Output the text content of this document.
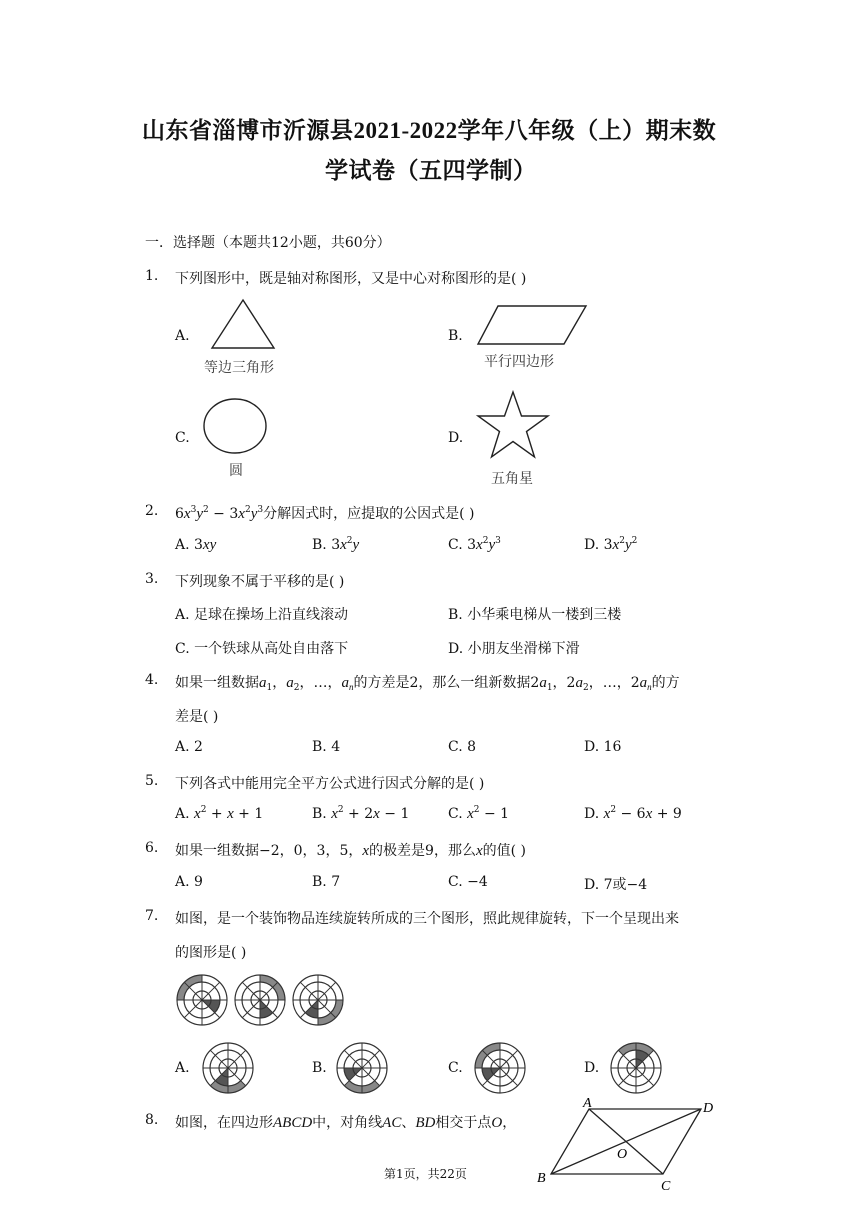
山东省淄博市沂源县2021-2022学年八年级（上）期末数
学试卷（五四学制）
一．选择题（本题共12小题，共60分）
1. 下列图形中，既是轴对称图形，又是中心对称图形的是( )
A.
等边三角形
B.
平行四边形
C.
圆
D.
五角星
2. $6x^3y^2 - 3x^2y^3$分解因式时，应提取的公因式是( )
A. 3xy	B. $3x^2y$	C. $3x^2y^3$	D. $3x^2y^2$
3. 下列现象不属于平移的是( )
A. 足球在操场上沿直线滚动	B. 小华乘电梯从一楼到三楼
C. 一个铁球从高处自由落下	D. 小朋友坐滑梯下滑
4. 如果一组数据$a_1$，$a_2$，…，$a_n$的方差是2，那么一组新数据$2a_1$，$2a_2$，…，$2a_n$的方
差是( )
A. 2	B. 4	C. 8	D. 16
5. 下列各式中能用完全平方公式进行因式分解的是( )
A. $x^2 + x + 1$	B. $x^2 + 2x - 1$	C. $x^2 - 1$	D. $x^2 - 6x + 9$
6. 如果一组数据−2，0，3，5，x的极差是9，那么x的值( )
A. 9	B. 7	C. −4	D. 7或−4
7. 如图，是一个装饰物品连续旋转所成的三个图形，照此规律旋转，下一个呈现出来
的图形是( )
A.	B.	C.	D.
8. 如图，在四边形ABCD中，对角线AC、BD相交于点O，
A	D
B
C
O
第1页，共22页
